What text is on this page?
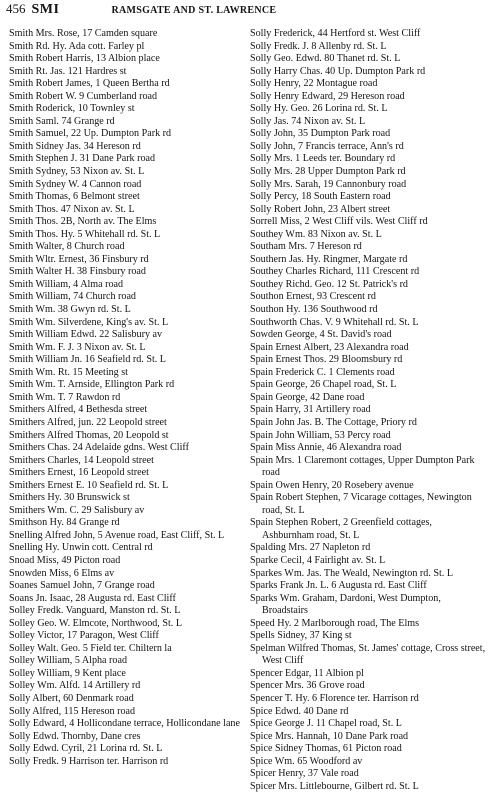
456 SMI	RAMSGATE AND ST. LAWRENCE
Smith Mrs. Rose, 17 Camden square
Smith Rd. Hy. Ada cott. Farley pl
Smith Robert Harris, 13 Albion place
Smith Rt. Jas. 121 Hardres st
Smith Robert James, 1 Queen Bertha rd
Smith Robert W. 9 Cumberland road
Smith Roderick, 10 Townley st
Smith Saml. 74 Grange rd
Smith Samuel, 22 Up. Dumpton Park rd
Smith Sidney Jas. 34 Hereson rd
Smith Stephen J. 31 Dane Park road
Smith Sydney, 53 Nixon av. St. L
Smith Sydney W. 4 Cannon road
Smith Thomas, 6 Belmont street
Smith Thos. 47 Nixon av. St. L
Smith Thos. 2B, North av. The Elms
Smith Thos. Hy. 5 Whitehall rd. St. L
Smith Walter, 8 Church road
Smith Wltr. Ernest, 36 Finsbury rd
Smith Walter H. 38 Finsbury road
Smith William, 4 Alma road
Smith William, 74 Church road
Smith Wm. 38 Gwyn rd. St. L
Smith Wm. Silverdene, King's av. St. L
Smith William Edwd. 22 Salisbury av
Smith Wm. F. J. 3 Nixon av. St. L
Smith William Jn. 16 Seafield rd. St. L
Smith Wm. Rt. 15 Meeting st
Smith Wm. T. Arnside, Ellington Park rd
Smith Wm. T. 7 Rawdon rd
Smithers Alfred, 4 Bethesda street
Smithers Alfred, jun. 22 Leopold street
Smithers Alfred Thomas, 20 Leopold st
Smithers Chas. 24 Adelaide gdns. West Cliff
Smithers Charles, 14 Leopold street
Smithers Ernest, 16 Leopold street
Smithers Ernest E. 10 Seafield rd. St. L
Smithers Hy. 30 Brunswick st
Smithers Wm. C. 29 Salisbury av
Smithson Hy. 84 Grange rd
Snelling Alfred John, 5 Avenue road, East Cliff, St. L
Snelling Hy. Unwin cott. Central rd
Snoad Miss, 49 Picton road
Snowden Miss, 6 Elms av
Soanes Samuel John, 7 Grange road
Soans Jn. Isaac, 28 Augusta rd. East Cliff
Solley Fredk. Vanguard, Manston rd. St. L
Solley Geo. W. Elmcote, Northwood, St. L
Solley Victor, 17 Paragon, West Cliff
Solley Walt. Geo. 5 Field ter. Chiltern la
Solley William, 5 Alpha road
Solley William, 9 Kent place
Solley Wm. Alfd. 14 Artillery rd
Solly Albert, 60 Denmark road
Solly Alfred, 115 Hereson road
Solly Edward, 4 Hollicondane terrace, Hollicondane lane
Solly Edwd. Thornby, Dane cres
Solly Edwd. Cyril, 21 Lorina rd. St. L
Solly Fredk. 9 Harrison ter. Harrison rd
Solly Frederick, 44 Hertford st. West Cliff
Solly Fredk. J. 8 Allenby rd. St. L
Solly Geo. Edwd. 80 Thanet rd. St. L
Solly Harry Chas. 40 Up. Dumpton Park rd
Solly Henry, 22 Montague road
Solly Henry Edward, 29 Hereson road
Solly Hy. Geo. 26 Lorina rd. St. L
Solly Jas. 74 Nixon av. St. L
Solly John, 35 Dumpton Park road
Solly John, 7 Francis terrace, Ann's rd
Solly Mrs. 1 Leeds ter. Boundary rd
Solly Mrs. 28 Upper Dumpton Park rd
Solly Mrs. Sarah, 19 Cannonbury road
Solly Percy, 18 South Eastern road
Solly Robert John, 23 Albert street
Sorrell Miss, 2 West Cliff vils. West Cliff rd
Southey Wm. 83 Nixon av. St. L
Southam Mrs. 7 Hereson rd
Southern Jas. Hy. Ringmer, Margate rd
Southey Charles Richard, 111 Crescent rd
Southey Richd. Geo. 12 St. Patrick's rd
Southon Ernest, 93 Crescent rd
Southon Hy. 136 Southwood rd
Southworth Chas. V. 9 Whitehall rd. St. L
Sowden George, 4 St. David's road
Spain Ernest Albert, 23 Alexandra road
Spain Ernest Thos. 29 Bloomsbury rd
Spain Frederick C. 1 Clements road
Spain George, 26 Chapel road, St. L
Spain George, 42 Dane road
Spain Harry, 31 Artillery road
Spain John Jas. B. The Cottage, Priory rd
Spain John William, 53 Percy road
Spain Miss Annie, 46 Alexandra road
Spain Mrs. 1 Claremont cottages, Upper Dumpton Park road
Spain Owen Henry, 20 Rosebery avenue
Spain Robert Stephen, 7 Vicarage cottages, Newington road, St. L
Spain Stephen Robert, 2 Greenfield cottages, Ashburnham road, St. L
Spalding Mrs. 27 Napleton rd
Sparke Cecil, 4 Fairlight av. St. L
Sparkes Wm. Jas. The Weald, Newington rd. St. L
Sparks Frank Jn. L. 6 Augusta rd. East Cliff
Sparks Wm. Graham, Dardoni, West Dumpton, Broadstairs
Speed Hy. 2 Marlborough road, The Elms
Spells Sidney, 37 King st
Spelman Wilfred Thomas, St. James' cottage, Cross street, West Cliff
Spencer Edgar, 11 Albion pl
Spencer Mrs. 36 Grove road
Spencer T. Hy. 6 Florence ter. Harrison rd
Spice Edwd. 40 Dane rd
Spice George J. 11 Chapel road, St. L
Spice Mrs. Hannah, 10 Dane Park road
Spice Sidney Thomas, 61 Picton road
Spice Wm. 65 Woodford av
Spicer Henry, 37 Vale road
Spicer Mrs. Littlebourne, Gilbert rd. St. L
